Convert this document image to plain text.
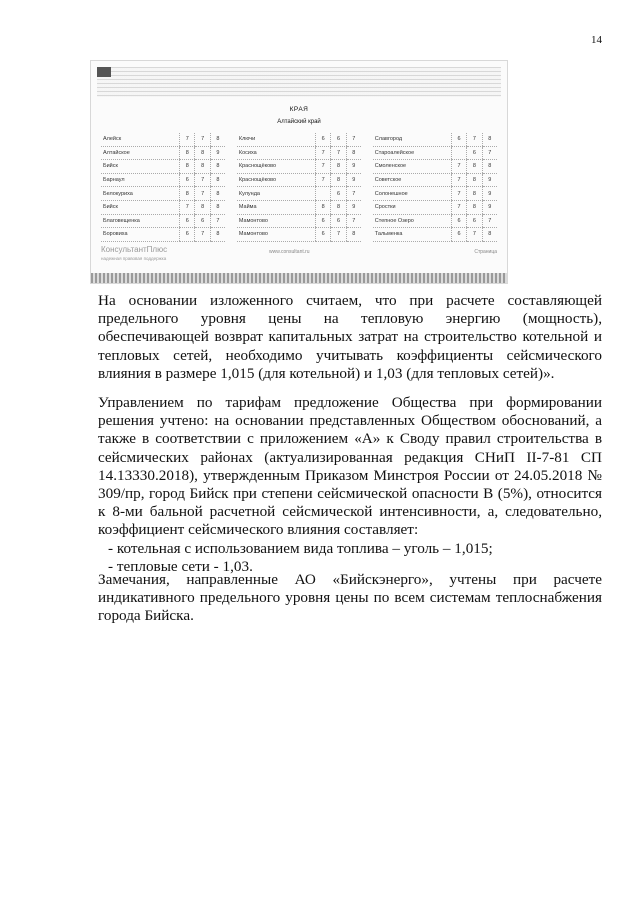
14
КРАЯ
Алтайский край
Алейск	7	7	8		Ключи	6	6	7		Славгород	6	7	8
Алтайское	8	8	9		Косиха	7	7	8		Староалейское		6	7
Бийск	8	8	8		Краснощёково	7	8	9		Смоленское	7	8	8
Барнаул	6	7	8		Краснощёково	7	8	9		Советское	7	8	9
Белокуриха	8	7	8		Кулунда		6	7		Солонешное	7	8	9
Бийск	7	8	8		Майма	8	8	9		Сростки	7	8	9
Благовещенка	6	6	7		Мамонтово	6	6	7		Степное Озеро	6	6	7
Боровиха	6	7	8		Мамонтово	6	7	8		Тальменка	6	7	8
КонсультантПлюс
надежная правовая поддержка
www.consultant.ru	Страница

На основании изложенного считаем, что при расчете составляющей предельного уровня цены на тепловую энергию (мощность), обеспечивающей возврат капитальных затрат на строительство котельной и тепловых сетей, необходимо учитывать коэффициенты сейсмического влияния в размере 1,015 (для котельной) и 1,03 (для тепловых сетей)».

Управлением по тарифам предложение Общества при формировании решения учтено: на основании представленных Обществом обоснований, а также в соответствии с приложением «А» к Своду правил строительства в сейсмических районах (актуализированная редакция СНиП II-7-81 СП 14.13330.2018), утвержденным Приказом Минстроя России от 24.05.2018 № 309/пр, город Бийск при степени сейсмической опасности В (5%), относится к 8-ми бальной расчетной сейсмической интенсивности, а, следовательно, коэффициент сейсмического влияния составляет:

- котельная с использованием вида топлива – уголь – 1,015;

- тепловые сети - 1,03.

Замечания, направленные АО «Бийскэнерго», учтены при расчете индикативного предельного уровня цены по всем системам теплоснабжения города Бийска.
